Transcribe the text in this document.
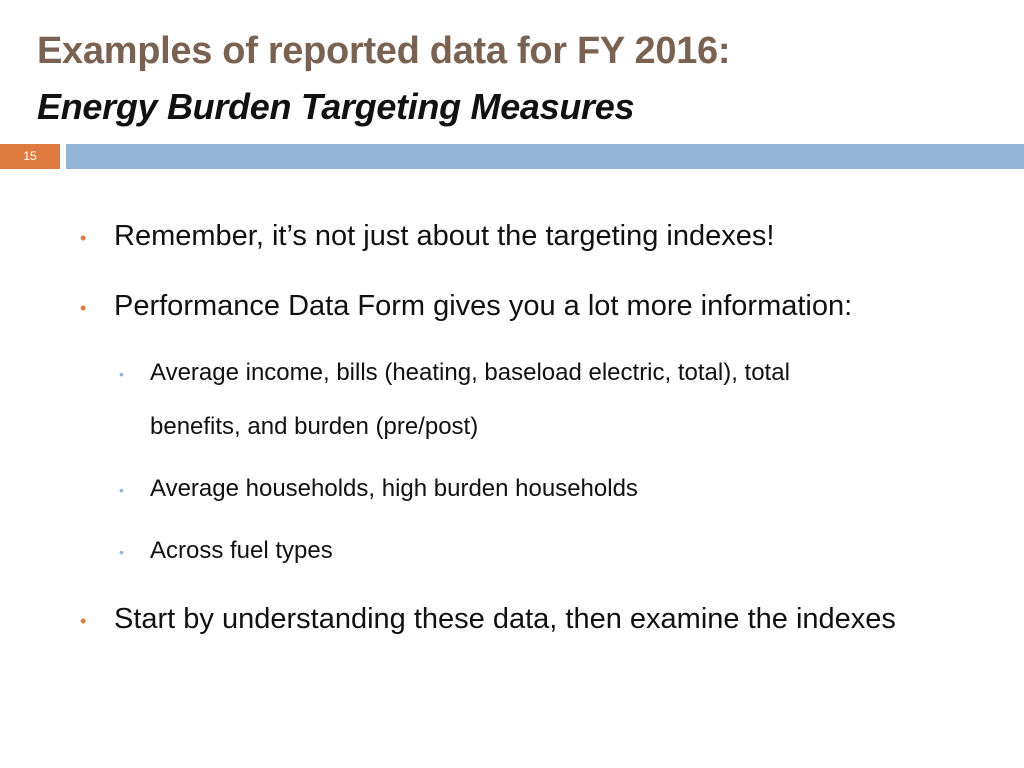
Examples of reported data for FY 2016:
Energy Burden Targeting Measures
15
• Remember, it’s not just about the targeting indexes!
• Performance Data Form gives you a lot more information:
• Average income, bills (heating, baseload electric, total), total
benefits, and burden (pre/post)
• Average households, high burden households
• Across fuel types
• Start by understanding these data, then examine the indexes
